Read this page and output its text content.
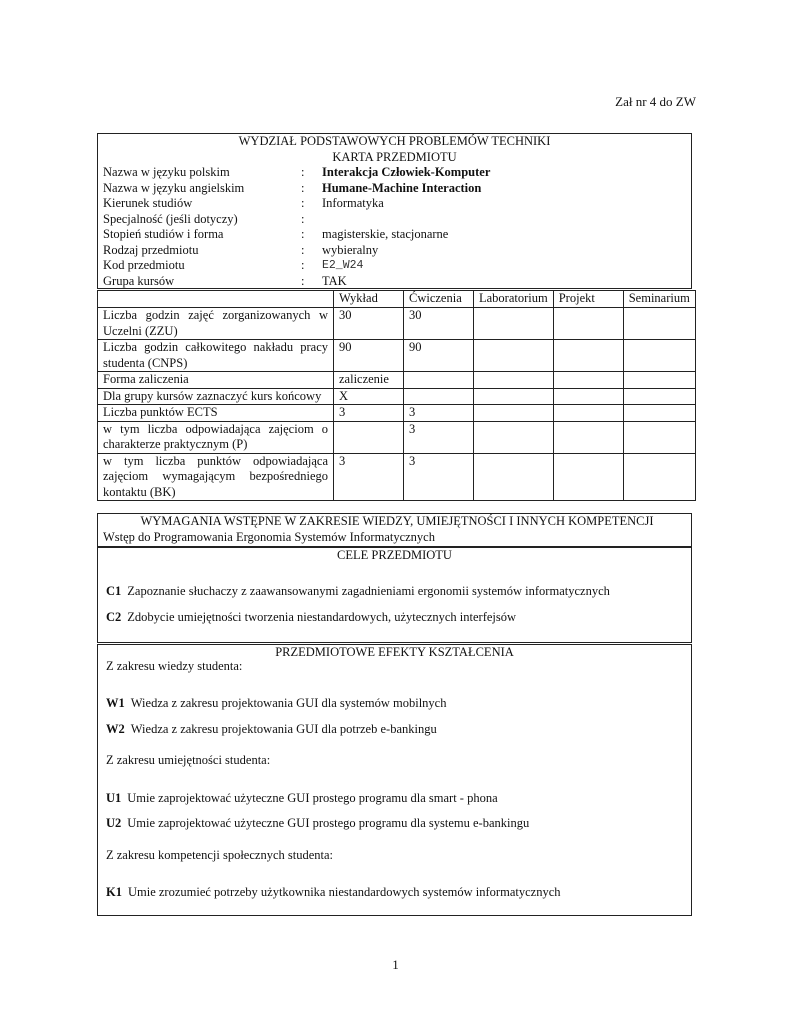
Zał nr 4 do ZW
WYDZIAŁ PODSTAWOWYCH PROBLEMÓW TECHNIKI
KARTA PRZEDMIOTU
Nazwa w języku polskim	:	Interakcja Człowiek-Komputer
Nazwa w języku angielskim	:	Humane-Machine Interaction
Kierunek studiów	:	Informatyka
Specjalność (jeśli dotyczy)	:
Stopień studiów i forma	:	magisterskie, stacjonarne
Rodzaj przedmiotu	:	wybieralny
Kod przedmiotu	:	E2_W24
Grupa kursów	:	TAK
	Wykład	Ćwiczenia	Laboratorium	Projekt	Seminarium
Liczba godzin zajęć zorganizowanych w Uczelni (ZZU)	30	30			
Liczba godzin całkowitego nakładu pracy studenta (CNPS)	90	90			
Forma zaliczenia	zaliczenie				
Dla grupy kursów zaznaczyć kurs końcowy	X				
Liczba punktów ECTS	3	3			
w tym liczba odpowiadająca zajęciom o charakterze praktycznym (P)		3			
w tym liczba punktów odpowiadająca zajęciom wymagającym bezpośredniego kontaktu (BK)	3	3			
WYMAGANIA WSTĘPNE W ZAKRESIE WIEDZY, UMIEJĘTNOŚCI I INNYCH KOMPETENCJI
Wstęp do Programowania Ergonomia Systemów Informatycznych
CELE PRZEDMIOTU
C1 Zapoznanie słuchaczy z zaawansowanymi zagadnieniami ergonomii systemów informatycznych
C2 Zdobycie umiejętności tworzenia niestandardowych, użytecznych interfejsów
PRZEDMIOTOWE EFEKTY KSZTAŁCENIA
Z zakresu wiedzy studenta:
W1 Wiedza z zakresu projektowania GUI dla systemów mobilnych
W2 Wiedza z zakresu projektowania GUI dla potrzeb e-bankingu
Z zakresu umiejętności studenta:
U1 Umie zaprojektować użyteczne GUI prostego programu dla smart - phona
U2 Umie zaprojektować użyteczne GUI prostego programu dla systemu e-bankingu
Z zakresu kompetencji społecznych studenta:
K1 Umie zrozumieć potrzeby użytkownika niestandardowych systemów informatycznych
1
